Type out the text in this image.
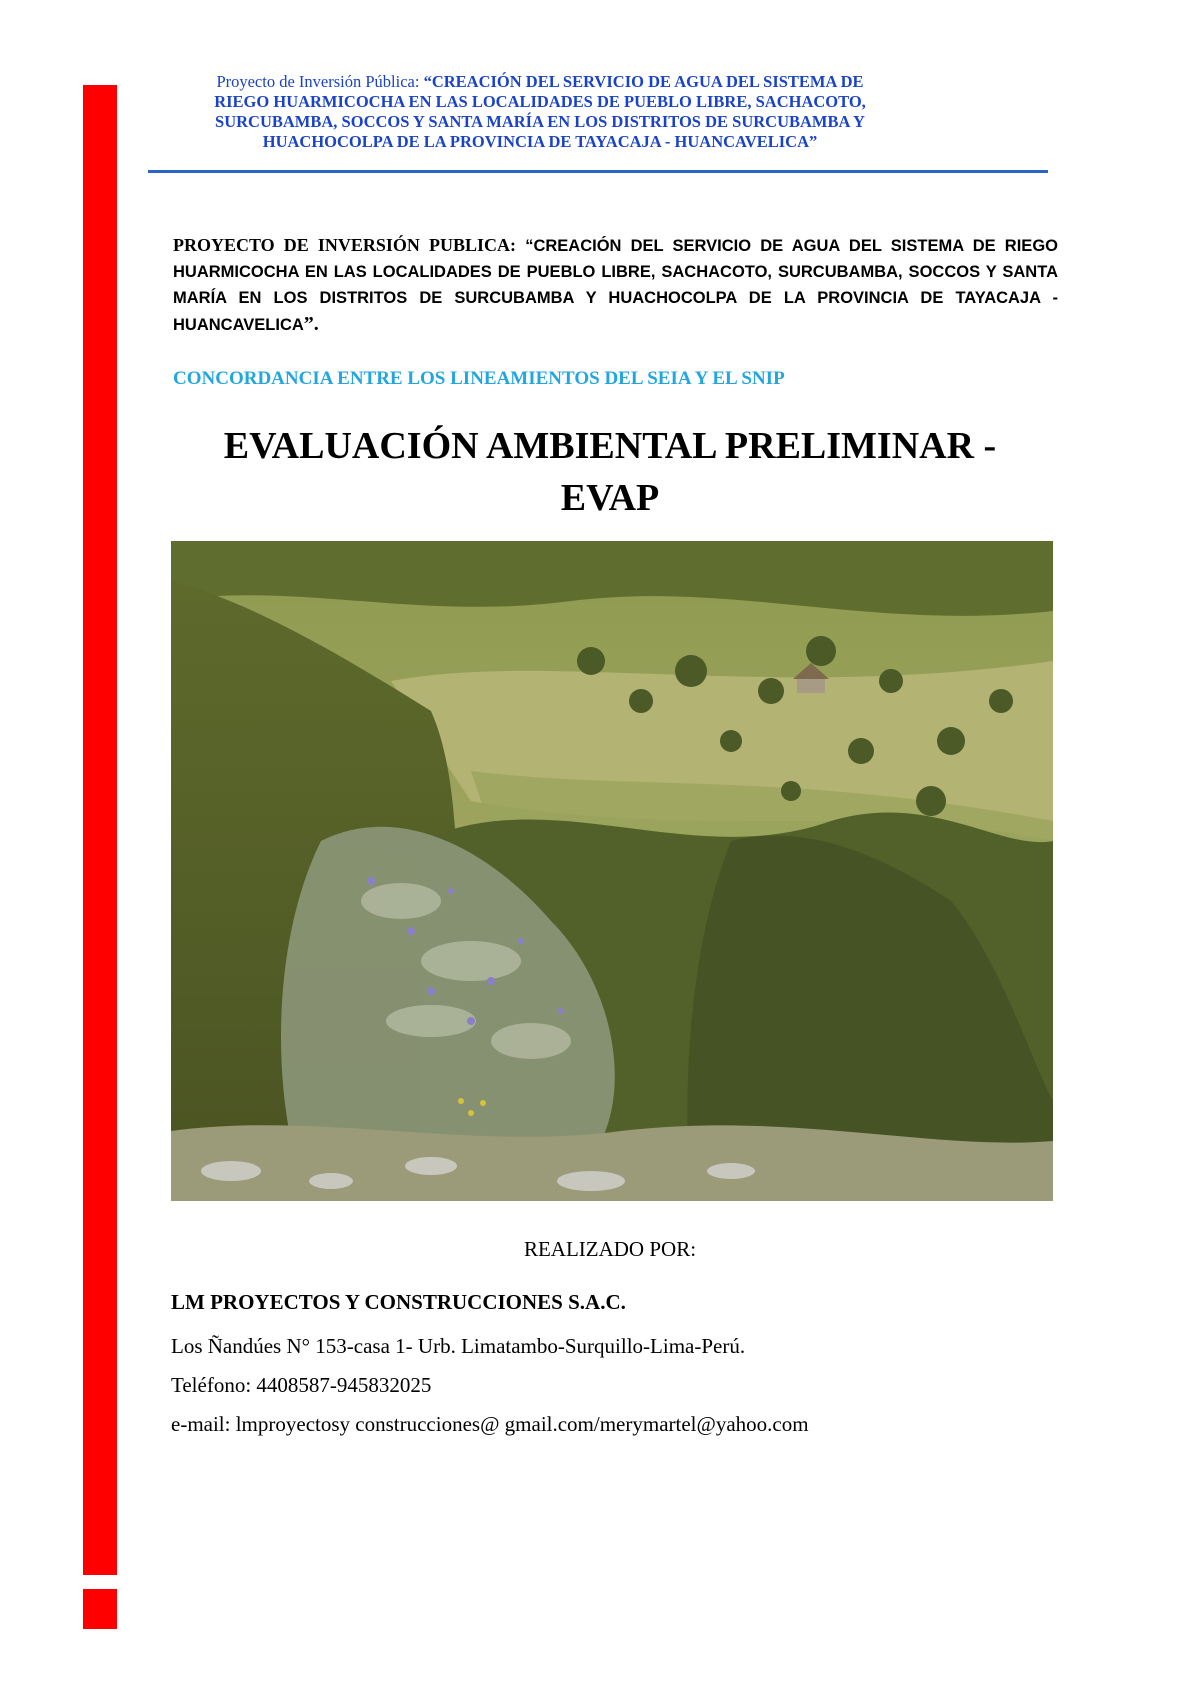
Proyecto de Inversión Pública: “CREACIÓN DEL SERVICIO DE AGUA DEL SISTEMA DE
RIEGO HUARMICOCHA EN LAS LOCALIDADES DE PUEBLO LIBRE, SACHACOTO,
SURCUBAMBA, SOCCOS Y SANTA MARÍA EN LOS DISTRITOS DE SURCUBAMBA Y
HUACHOCOLPA DE LA PROVINCIA DE TAYACAJA - HUANCAVELICA”
PROYECTO DE INVERSIÓN PUBLICA: “CREACIÓN DEL SERVICIO DE AGUA DEL SISTEMA DE RIEGO HUARMICOCHA EN LAS LOCALIDADES DE PUEBLO LIBRE, SACHACOTO, SURCUBAMBA, SOCCOS Y SANTA MARÍA EN LOS DISTRITOS DE SURCUBAMBA Y HUACHOCOLPA DE LA PROVINCIA DE TAYACAJA - HUANCAVELICA”.
CONCORDANCIA ENTRE LOS LINEAMIENTOS DEL SEIA Y EL SNIP
EVALUACIÓN AMBIENTAL PRELIMINAR -
EVAP
REALIZADO POR:
LM PROYECTOS Y CONSTRUCCIONES S.A.C.
Los Ñandúes N° 153-casa 1- Urb. Limatambo-Surquillo-Lima-Perú.
Teléfono: 4408587-945832025
e-mail: lmproyectosy construcciones@ gmail.com/merymartel@yahoo.com
